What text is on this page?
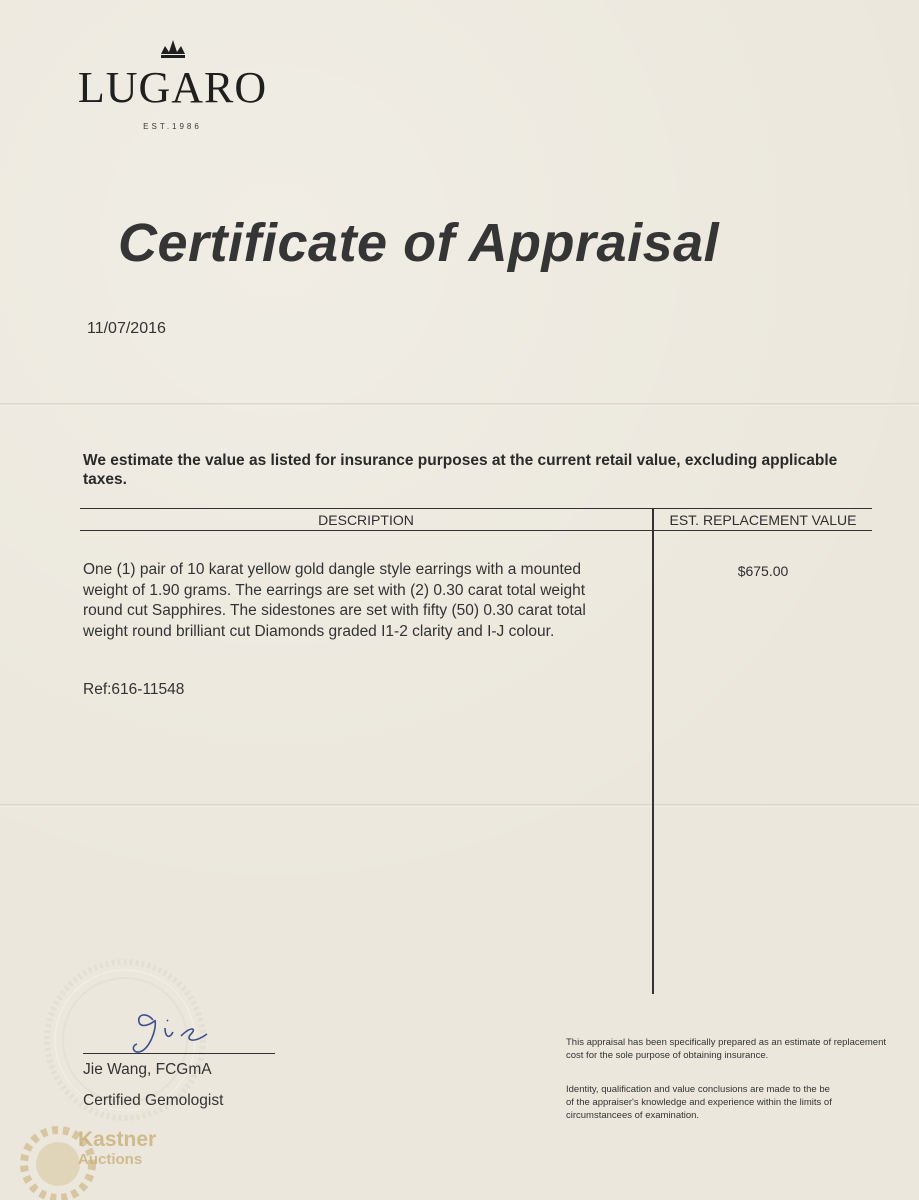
LUGARO
EST.1986
Certificate of Appraisal
11/07/2016
We estimate the value as listed for insurance purposes at the current retail value, excluding applicable taxes.
DESCRIPTION	EST. REPLACEMENT VALUE
One (1) pair of 10 karat yellow gold dangle style earrings with a mounted weight of 1.90 grams. The earrings are set with (2) 0.30 carat total weight round cut Sapphires. The sidestones are set with fifty (50) 0.30 carat total weight round brilliant cut Diamonds graded I1-2 clarity and I-J colour.
Ref:616-11548
$675.00
Jie Wang, FCGmA
Certified Gemologist
This appraisal has been specifically prepared as an estimate of replacement cost for the sole purpose of obtaining insurance.
Identity, qualification and value conclusions are made to the be
of the appraiser's knowledge and experience within the limits of
circumstancees of examination.
Kastner
Auctions
